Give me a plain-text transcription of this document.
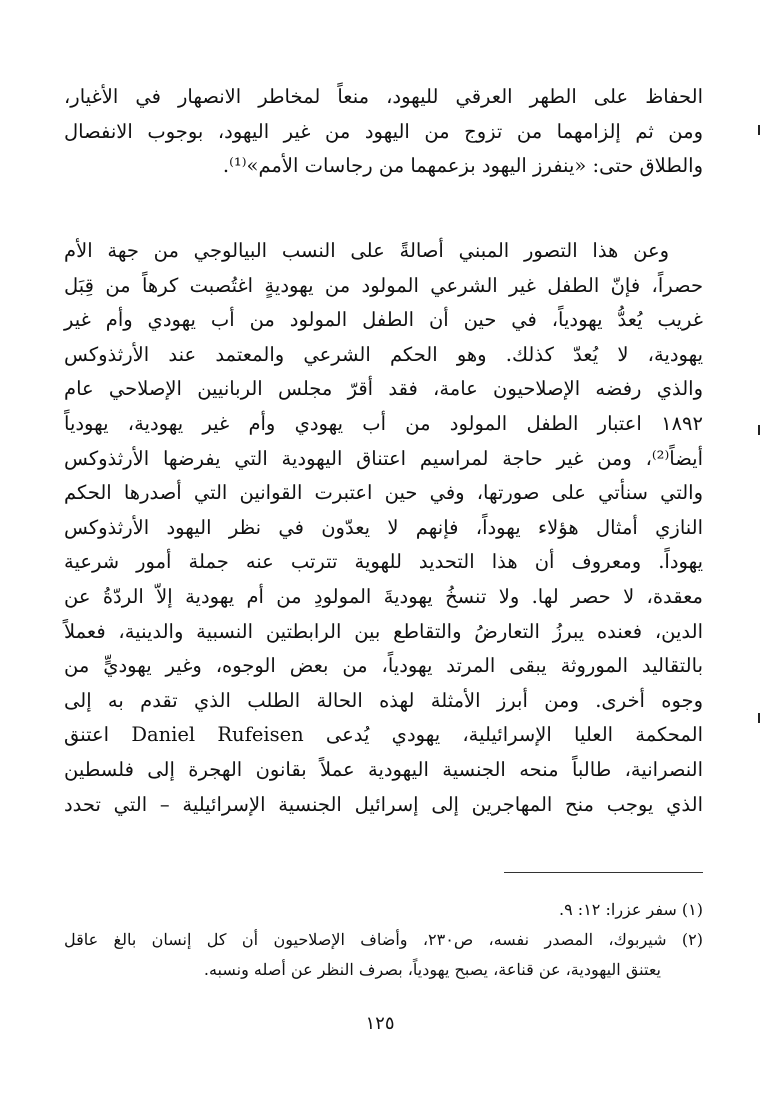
الحفاظ على الطهر العرقي لليهود، منعاً لمخاطر الانصهار في الأغيار،
ومن ثم إلزامهما من تزوج من اليهود من غير اليهود، بوجوب الانفصال
والطلاق حتى: «ينفرز اليهود بزعمهما من رجاسات الأمم»⁽¹⁾.
وعن هذا التصور المبني أصالةً على النسب البيالوجي من جهة الأم
حصراً، فإنّ الطفل غير الشرعي المولود من يهوديةٍ اغتُصبت كرهاً من قِبَل
غريب يُعدُّ يهودياً، في حين أن الطفل المولود من أب يهودي وأم غير
يهودية، لا يُعدّ كذلك. وهو الحكم الشرعي والمعتمد عند الأرثذوكس
والذي رفضه الإصلاحيون عامة، فقد أقرّ مجلس الربانيين الإصلاحي عام
١٨٩٢ اعتبار الطفل المولود من أب يهودي وأم غير يهودية، يهودياً
أيضاً⁽²⁾، ومن غير حاجة لمراسيم اعتناق اليهودية التي يفرضها الأرثذوكس
والتي سنأتي على صورتها، وفي حين اعتبرت القوانين التي أصدرها الحكم
النازي أمثال هؤلاء يهوداً، فإنهم لا يعدّون في نظر اليهود الأرثذوكس
يهوداً. ومعروف أن هذا التحديد للهوية تترتب عنه جملة أمور شرعية
معقدة، لا حصر لها. ولا تنسخُ يهوديةَ المولودِ من أم يهودية إلاّ الردّةُ عن
الدين، فعنده يبرزُ التعارضُ والتقاطع بين الرابطتين النسبية والدينية، فعملاً
بالتقاليد الموروثة يبقى المرتد يهودياً، من بعض الوجوه، وغير يهوديٍّ من
وجوه أخرى. ومن أبرز الأمثلة لهذه الحالة الطلب الذي تقدم به إلى
المحكمة العليا الإسرائيلية، يهودي يُدعى Daniel Rufeisen اعتنق
النصرانية، طالباً منحه الجنسية اليهودية عملاً بقانون الهجرة إلى فلسطين
الذي يوجب منح المهاجرين إلى إسرائيل الجنسية الإسرائيلية – التي تحدد
(١) سفر عزرا: ١٢: ٩.
(٢) شيربوك، المصدر نفسه، ص٢٣٠، وأضاف الإصلاحيون أن كل إنسان بالغ عاقل
يعتنق اليهودية، عن قناعة، يصبح يهودياً، بصرف النظر عن أصله ونسبه.
١٢٥
